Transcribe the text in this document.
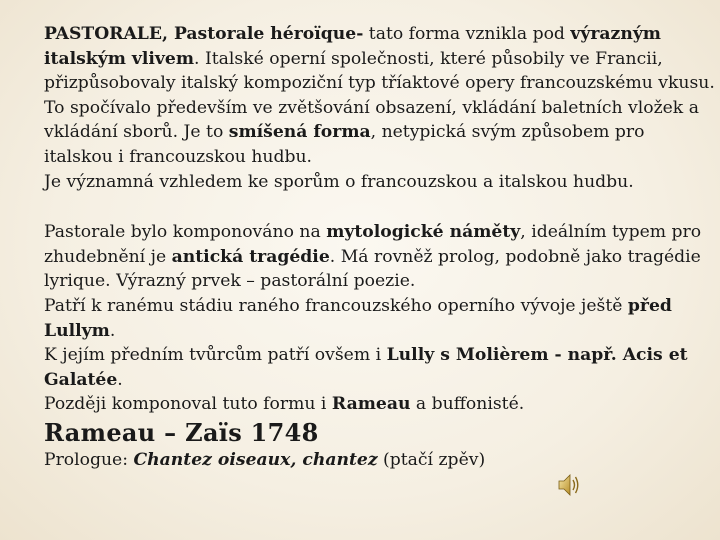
PASTORALE, Pastorale héroïque- tato forma vznikla pod výrazným italským vlivem. Italské operní společnosti, které působily ve Francii, přizpůsobovaly italský kompoziční typ tříaktové opery francouzskému vkusu. To spočívalo především ve zvětšování obsazení, vkládání baletních vložek a vkládání sborů. Je to smíšená forma, netypická svým způsobem pro italskou i francouzskou hudbu.

Je významná vzhledem ke sporům o francouzskou a italskou hudbu.

Pastorale bylo komponováno na mytologické náměty, ideálním typem pro zhudebnění je antická tragédie. Má rovněž prolog, podobně jako tragédie lyrique. Výrazný prvek – pastorální poezie.

Patří k ranému stádiu raného francouzského operního vývoje ještě před Lullym.

K jejím předním tvůrcům patří ovšem i Lully s Molièrem - např. Acis et Galatée.

Později komponoval tuto formu i Rameau a buffonisté.

Rameau – Zaïs 1748
Prologue: Chantez oiseaux, chantez (ptačí zpěv)
